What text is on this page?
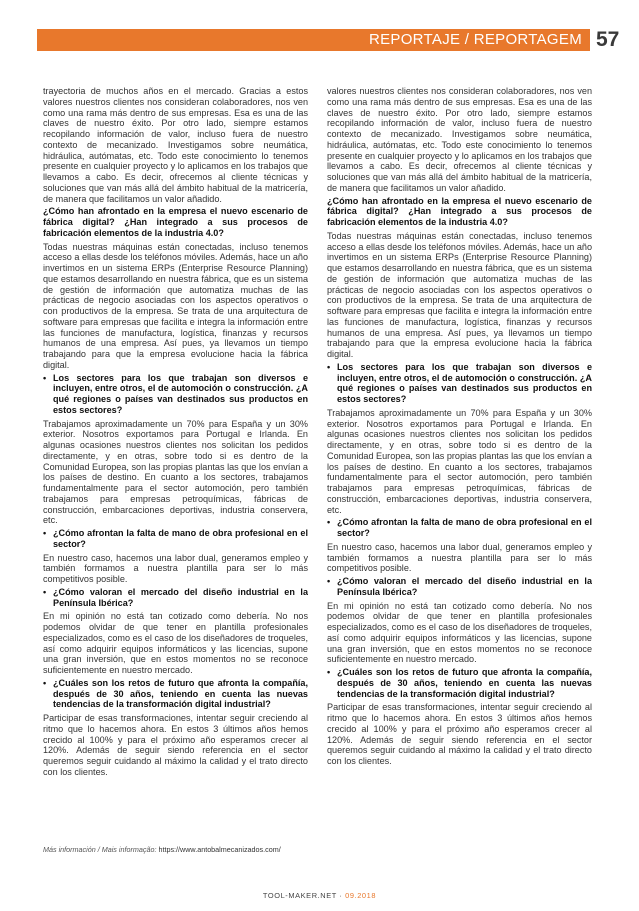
REPORTAJE / REPORTAGEM 57

trayectoria de muchos años en el mercado. Gracias a estos valores nuestros clientes nos consideran colaboradores, nos ven como una rama más dentro de sus empresas. Esa es una de las claves de nuestro éxito. Por otro lado, siempre estamos recopilando información de valor, incluso fuera de nuestro contexto de mecanizado. Investigamos sobre neumática, hidráulica, autómatas, etc. Todo este conocimiento lo tenemos presente en cualquier proyecto y lo aplicamos en los trabajos que llevamos a cabo. Es decir, ofrecemos al cliente técnicas y soluciones que van más allá del ámbito habitual de la matricería, de manera que facilitamos un valor añadido.

¿Cómo han afrontado en la empresa el nuevo escenario de fábrica digital? ¿Han integrado a sus procesos de fabricación elementos de la industria 4.0?

Todas nuestras máquinas están conectadas, incluso tenemos acceso a ellas desde los teléfonos móviles. Además, hace un año invertimos en un sistema ERPs (Enterprise Resource Planning) que estamos desarrollando en nuestra fábrica, que es un sistema de gestión de información que automatiza muchas de las prácticas de negocio asociadas con los aspectos operativos o con productivos de la empresa. Se trata de una arquitectura de software para empresas que facilita e integra la información entre las funciones de manufactura, logística, finanzas y recursos humanos de una empresa. Así pues, ya llevamos un tiempo trabajando para que la empresa evolucione hacia la fábrica digital.

• Los sectores para los que trabajan son diversos e incluyen, entre otros, el de automoción o construcción. ¿A qué regiones o países van destinados sus productos en estos sectores?

Trabajamos aproximadamente un 70% para España y un 30% exterior. Nosotros exportamos para Portugal e Irlanda. En algunas ocasiones nuestros clientes nos solicitan los pedidos directamente, y en otras, sobre todo si es dentro de la Comunidad Europea, son las propias plantas las que los envían a los países de destino. En cuanto a los sectores, trabajamos fundamentalmente para el sector automoción, pero también trabajamos para empresas petroquímicas, fábricas de construcción, embarcaciones deportivas, industria conservera, etc.

• ¿Cómo afrontan la falta de mano de obra profesional en el sector?

En nuestro caso, hacemos una labor dual, generamos empleo y también formamos a nuestra plantilla para ser lo más competitivos posible.

• ¿Cómo valoran el mercado del diseño industrial en la Península Ibérica?

En mi opinión no está tan cotizado como debería. No nos podemos olvidar de que tener en plantilla profesionales especializados, como es el caso de los diseñadores de troqueles, así como adquirir equipos informáticos y las licencias, supone una gran inversión, que en estos momentos no se reconoce suficientemente en nuestro mercado.

• ¿Cuáles son los retos de futuro que afronta la compañía, después de 30 años, teniendo en cuenta las nuevas tendencias de la transformación digital industrial?

Participar de esas transformaciones, intentar seguir creciendo al ritmo que lo hacemos ahora. En estos 3 últimos años hemos crecido al 100% y para el próximo año esperamos crecer al 120%. Además de seguir siendo referencia en el sector queremos seguir cuidando al máximo la calidad y el trato directo con los clientes.

valores nuestros clientes nos consideran colaboradores, nos ven como una rama más dentro de sus empresas. Esa es una de las claves de nuestro éxito. Por otro lado, siempre estamos recopilando información de valor, incluso fuera de nuestro contexto de mecanizado. Investigamos sobre neumática, hidráulica, autómatas, etc. Todo este conocimiento lo tenemos presente en cualquier proyecto y lo aplicamos en los trabajos que llevamos a cabo. Es decir, ofrecemos al cliente técnicas y soluciones que van más allá del ámbito habitual de la matricería, de manera que facilitamos un valor añadido.

¿Cómo han afrontado en la empresa el nuevo escenario de fábrica digital? ¿Han integrado a sus procesos de fabricación elementos de la industria 4.0?

Todas nuestras máquinas están conectadas, incluso tenemos acceso a ellas desde los teléfonos móviles. Además, hace un año invertimos en un sistema ERPs (Enterprise Resource Planning) que estamos desarrollando en nuestra fábrica, que es un sistema de gestión de información que automatiza muchas de las prácticas de negocio asociadas con los aspectos operativos o con productivos de la empresa. Se trata de una arquitectura de software para empresas que facilita e integra la información entre las funciones de manufactura, logística, finanzas y recursos humanos de una empresa. Así pues, ya llevamos un tiempo trabajando para que la empresa evolucione hacia la fábrica digital.

• Los sectores para los que trabajan son diversos e incluyen, entre otros, el de automoción o construcción. ¿A qué regiones o países van destinados sus productos en estos sectores?

Trabajamos aproximadamente un 70% para España y un 30% exterior. Nosotros exportamos para Portugal e Irlanda. En algunas ocasiones nuestros clientes nos solicitan los pedidos directamente, y en otras, sobre todo si es dentro de la Comunidad Europea, son las propias plantas las que los envían a los países de destino. En cuanto a los sectores, trabajamos fundamentalmente para el sector automoción, pero también trabajamos para empresas petroquímicas, fábricas de construcción, embarcaciones deportivas, industria conservera, etc.

• ¿Cómo afrontan la falta de mano de obra profesional en el sector?

En nuestro caso, hacemos una labor dual, generamos empleo y también formamos a nuestra plantilla para ser lo más competitivos posible.

• ¿Cómo valoran el mercado del diseño industrial en la Península Ibérica?

En mi opinión no está tan cotizado como debería. No nos podemos olvidar de que tener en plantilla profesionales especializados, como es el caso de los diseñadores de troqueles, así como adquirir equipos informáticos y las licencias, supone una gran inversión, que en estos momentos no se reconoce suficientemente en nuestro mercado.

• ¿Cuáles son los retos de futuro que afronta la compañía, después de 30 años, teniendo en cuenta las nuevas tendencias de la transformación digital industrial?

Participar de esas transformaciones, intentar seguir creciendo al ritmo que lo hacemos ahora. En estos 3 últimos años hemos crecido al 100% y para el próximo año esperamos crecer al 120%. Además de seguir siendo referencia en el sector queremos seguir cuidando al máximo la calidad y el trato directo con los clientes.

Más información / Mais informação: https://www.antobalmecanizados.com/
TOOL-MAKER.NET · 09.2018
